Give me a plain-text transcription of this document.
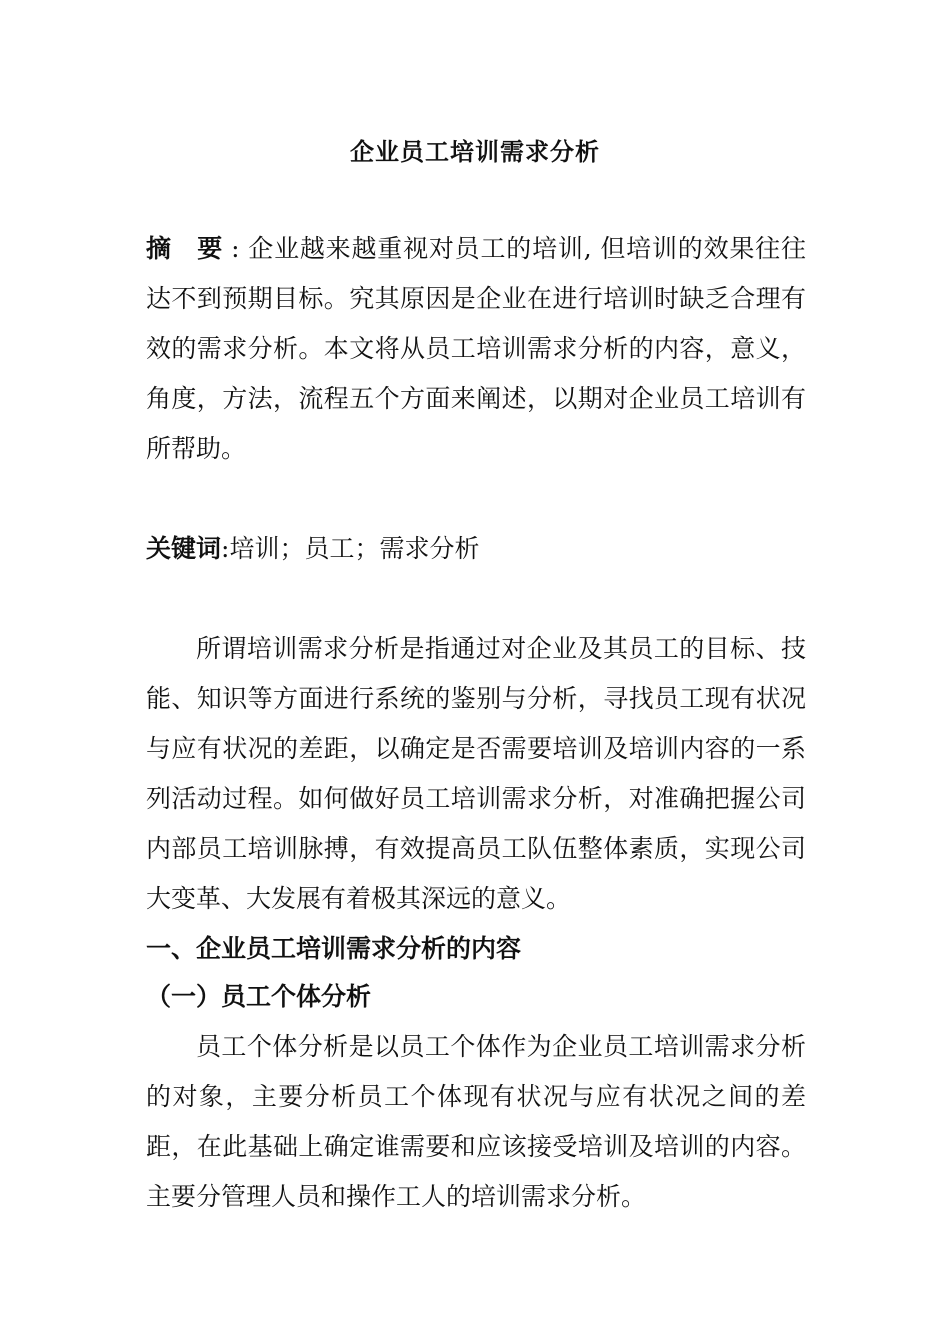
企业员工培训需求分析
摘 要: 企业越来越重视对员工的培训, 但培训的效果往往达不到预期目标。究其原因是企业在进行培训时缺乏合理有效的需求分析。本文将从员工培训需求分析的内容，意义，角度，方法，流程五个方面来阐述，以期对企业员工培训有所帮助。
关键词:培训；员工；需求分析
所谓培训需求分析是指通过对企业及其员工的目标、技能、知识等方面进行系统的鉴别与分析，寻找员工现有状况与应有状况的差距，以确定是否需要培训及培训内容的一系列活动过程。如何做好员工培训需求分析，对准确把握公司内部员工培训脉搏，有效提高员工队伍整体素质，实现公司大变革、大发展有着极其深远的意义。
一、企业员工培训需求分析的内容
（一）员工个体分析
员工个体分析是以员工个体作为企业员工培训需求分析的对象，主要分析员工个体现有状况与应有状况之间的差距，在此基础上确定谁需要和应该接受培训及培训的内容。主要分管理人员和操作工人的培训需求分析。
